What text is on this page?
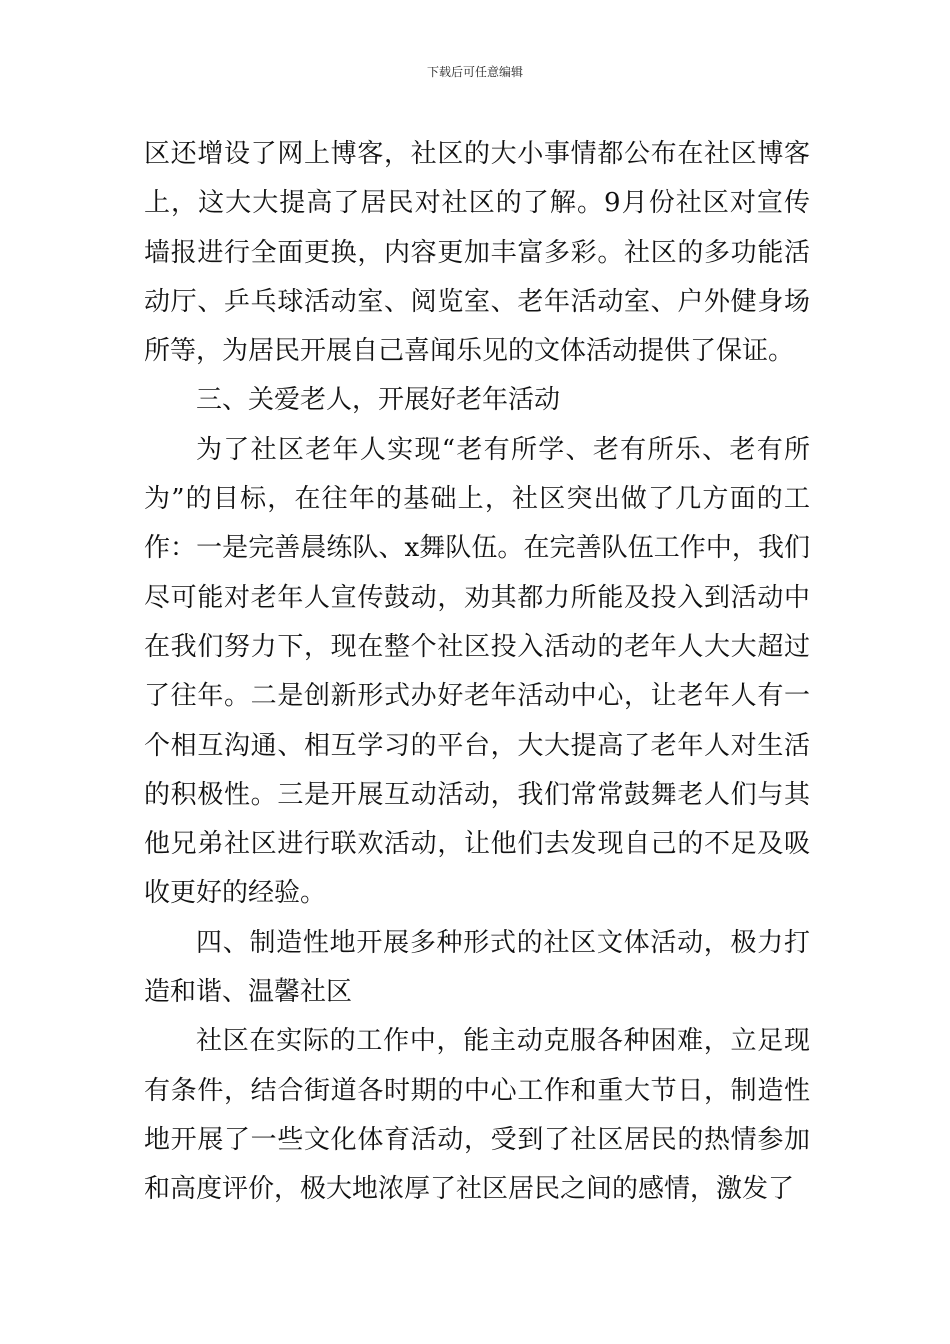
下载后可任意编辑

区还增设了网上博客，社区的大小事情都公布在社区博客上，这大大提高了居民对社区的了解。9月份社区对宣传墙报进行全面更换，内容更加丰富多彩。社区的多功能活动厅、乒乓球活动室、阅览室、老年活动室、户外健身场所等，为居民开展自己喜闻乐见的文体活动提供了保证。

三、关爱老人，开展好老年活动

为了社区老年人实现“老有所学、老有所乐、老有所为”的目标，在往年的基础上，社区突出做了几方面的工作：一是完善晨练队、x舞队伍。在完善队伍工作中，我们尽可能对老年人宣传鼓动，劝其都力所能及投入到活动中在我们努力下，现在整个社区投入活动的老年人大大超过了往年。二是创新形式办好老年活动中心，让老年人有一个相互沟通、相互学习的平台，大大提高了老年人对生活的积极性。三是开展互动活动，我们常常鼓舞老人们与其他兄弟社区进行联欢活动，让他们去发现自己的不足及吸收更好的经验。

四、制造性地开展多种形式的社区文体活动，极力打造和谐、温馨社区

社区在实际的工作中，能主动克服各种困难，立足现有条件，结合街道各时期的中心工作和重大节日，制造性地开展了一些文化体育活动，受到了社区居民的热情参加和高度评价，极大地浓厚了社区居民之间的感情，激发了
